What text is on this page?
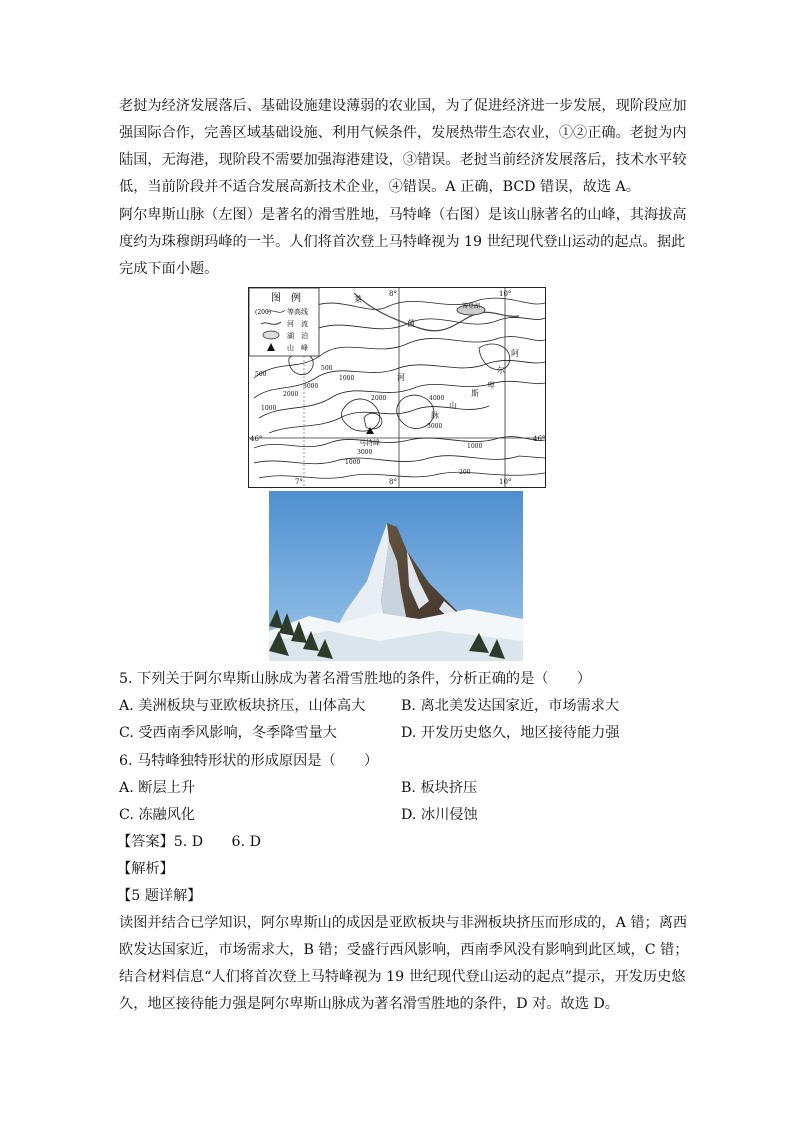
老挝为经济发展落后、基础设施建设薄弱的农业国，为了促进经济进一步发展，现阶段应加
强国际合作，完善区域基础设施、利用气候条件，发展热带生态农业，①②正确。老挝为内
陆国，无海港，现阶段不需要加强海港建设，③错误。老挝当前经济发展落后，技术水平较
低，当前阶段并不适合发展高新技术企业，④错误。A 正确，BCD 错误，故选 A。
阿尔卑斯山脉（左图）是著名的滑雪胜地，马特峰（右图）是该山脉著名的山峰，其海拔高
度约为珠穆朗玛峰的一半。人们将首次登上马特峰视为 19 世纪现代登山运动的起点。据此
完成下面小题。
图　例
(200) 等高线
河　流
湖　泊
山　峰
莱
茵
河
博登湖
阿
尔
卑
斯
山
脉
马特峰
8°	10°
7°	8°	10°
46°	46°
500
1000
2000
3000
1000
500
2000
3000
4000
3000
1000
200
1000
5. 下列关于阿尔卑斯山脉成为著名滑雪胜地的条件，分析正确的是（　　）
A. 美洲板块与亚欧板块挤压，山体高大	B. 离北美发达国家近，市场需求大
C. 受西南季风影响，冬季降雪量大	D. 开发历史悠久，地区接待能力强
6. 马特峰独特形状的形成原因是（　　）
A. 断层上升	B. 板块挤压
C. 冻融风化	D. 冰川侵蚀
【答案】5. D　　6. D
【解析】
【5 题详解】
读图并结合已学知识，阿尔卑斯山的成因是亚欧板块与非洲板块挤压而形成的，A 错；离西
欧发达国家近，市场需求大，B 错；受盛行西风影响，西南季风没有影响到此区域，C 错；
结合材料信息“人们将首次登上马特峰视为 19 世纪现代登山运动的起点”提示，开发历史悠
久，地区接待能力强是阿尔卑斯山脉成为著名滑雪胜地的条件，D 对。故选 D。
